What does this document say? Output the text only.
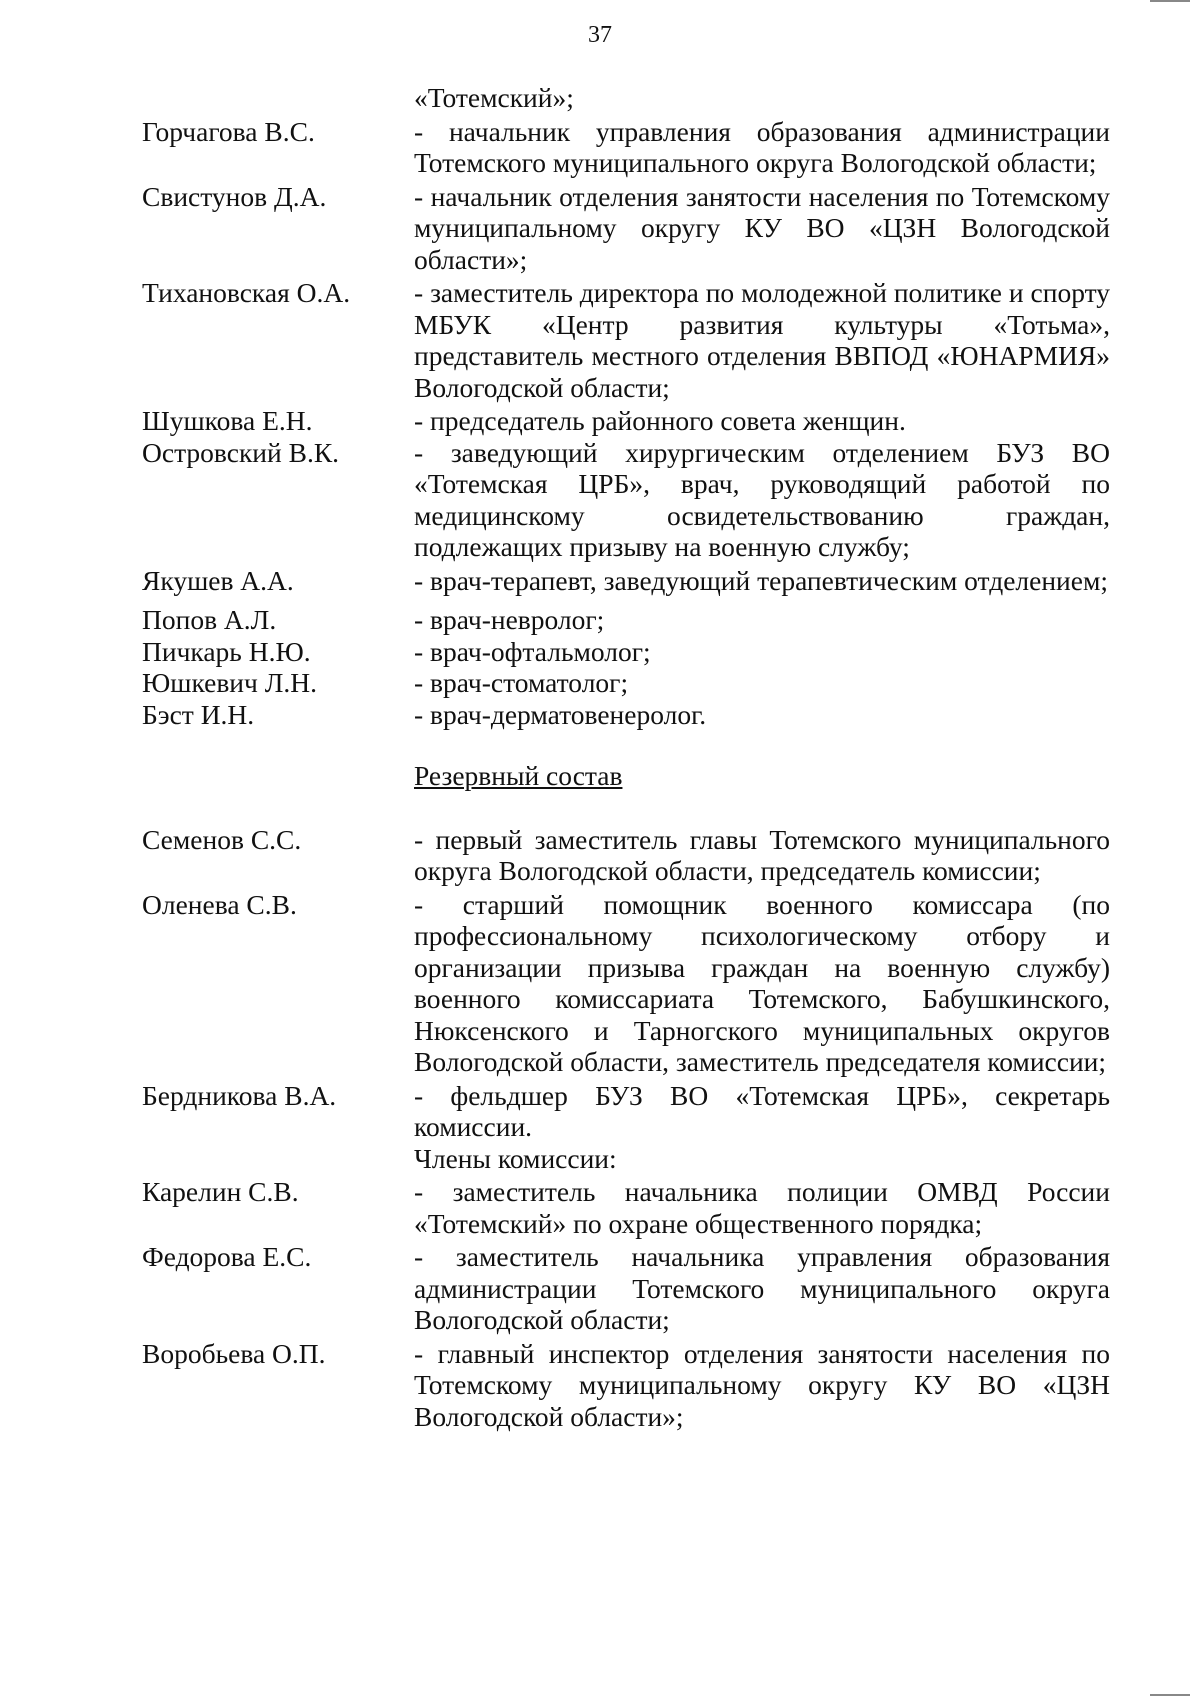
37
«Тотемский»;
Горчагова В.С.	- начальник управления образования администрации Тотемского муниципального округа Вологодской области;
Свистунов Д.А.	- начальник отделения занятости населения по Тотемскому муниципальному округу КУ ВО «ЦЗН Вологодской области»;
Тихановская О.А.	- заместитель директора по молодежной политике и спорту МБУК «Центр развития культуры «Тотьма», представитель местного отделения ВВПОД «ЮНАРМИЯ» Вологодской области;
Шушкова Е.Н.	- председатель районного совета женщин.
Островский В.К.	- заведующий хирургическим отделением БУЗ ВО «Тотемская ЦРБ», врач, руководящий работой по медицинскому освидетельствованию граждан, подлежащих призыву на военную службу;
Якушев А.А.	- врач-терапевт, заведующий терапевтическим отделением;
Попов А.Л.	- врач-невролог;
Пичкарь Н.Ю.	- врач-офтальмолог;
Юшкевич Л.Н.	- врач-стоматолог;
Бэст И.Н.	- врач-дерматовенеролог.
Резервный состав
Семенов С.С.	- первый заместитель главы Тотемского муниципального округа Вологодской области, председатель комиссии;
Оленева С.В.	- старший помощник военного комиссара (по профессиональному психологическому отбору и организации призыва граждан на военную службу) военного комиссариата Тотемского, Бабушкинского, Нюксенского и Тарногского муниципальных округов Вологодской области, заместитель председателя комиссии;
Бердникова В.А.	- фельдшер БУЗ ВО «Тотемская ЦРБ», секретарь комиссии.
Члены комиссии:
Карелин С.В.	- заместитель начальника полиции ОМВД России «Тотемский» по охране общественного порядка;
Федорова Е.С.	- заместитель начальника управления образования администрации Тотемского муниципального округа Вологодской области;
Воробьева О.П.	- главный инспектор отделения занятости населения по Тотемскому муниципальному округу КУ ВО «ЦЗН Вологодской области»;
